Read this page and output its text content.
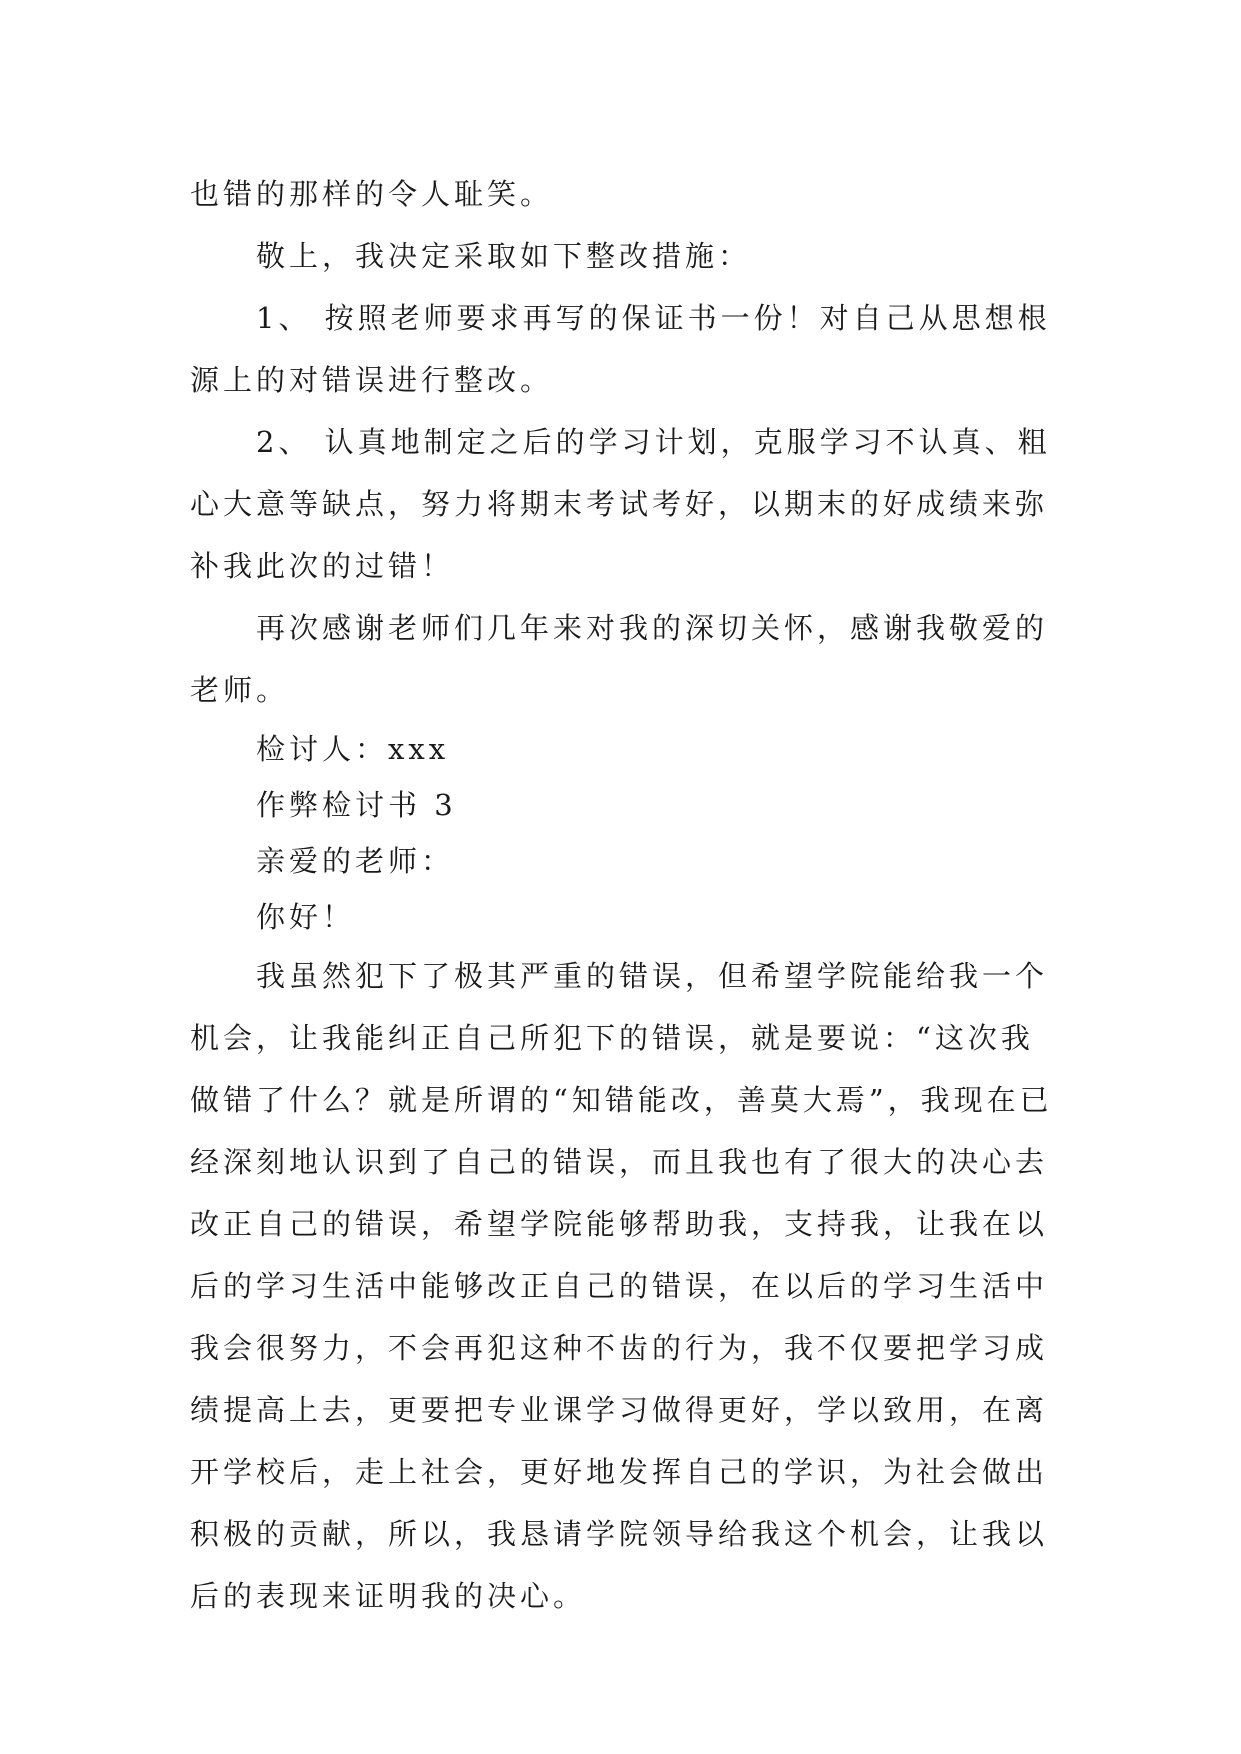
也错的那样的令人耻笑。

敬上，我决定采取如下整改措施：

1、 按照老师要求再写的保证书一份！对自己从思想根源上的对错误进行整改。

2、 认真地制定之后的学习计划，克服学习不认真、粗心大意等缺点，努力将期末考试考好，以期末的好成绩来弥补我此次的过错！

再次感谢老师们几年来对我的深切关怀，感谢我敬爱的老师。

检讨人：xxx

作弊检讨书 3

亲爱的老师：

你好！

我虽然犯下了极其严重的错误，但希望学院能给我一个机会，让我能纠正自己所犯下的错误，就是要说：“这次我做错了什么？就是所谓的“知错能改，善莫大焉”，我现在已经深刻地认识到了自己的错误，而且我也有了很大的决心去改正自己的错误，希望学院能够帮助我，支持我，让我在以后的学习生活中能够改正自己的错误，在以后的学习生活中我会很努力，不会再犯这种不齿的行为，我不仅要把学习成绩提高上去，更要把专业课学习做得更好，学以致用，在离开学校后，走上社会，更好地发挥自己的学识，为社会做出积极的贡献，所以，我恳请学院领导给我这个机会，让我以后的表现来证明我的决心。
